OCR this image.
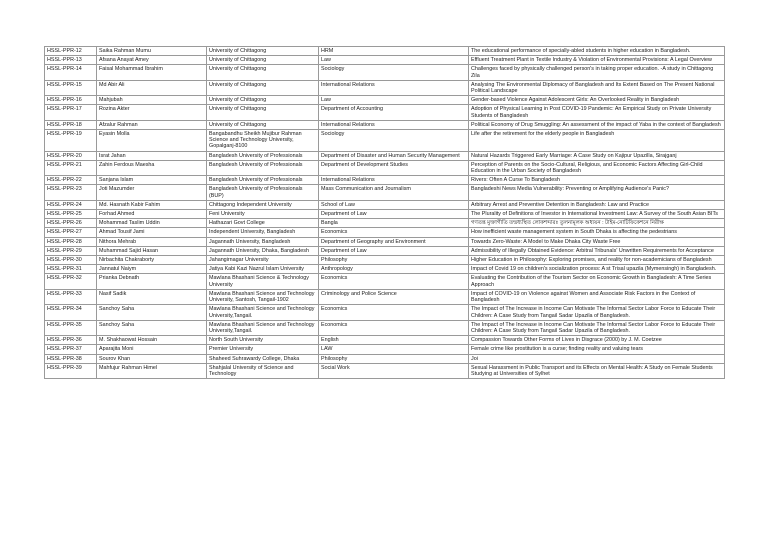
HSSL-PPR-12	Saika Rahman Mumu	University of Chittagong	HRM	The educational performance of specially-abled students in higher education in Bangladesh.
HSSL-PPR-13	Afsana Anayat Amey	University of Chittagong	Law	Effluent Treatment Plant in Textile Industry & Violation of Environmental Provisions: A Legal Overview
HSSL-PPR-14	Faisal Mohammad Ibrahim	University of Chittagong	Sociology	Challenges faced by physically challenged person's in taking proper education. -A study in Chittagong Zila
HSSL-PPR-15	Md Abir Ali	University of Chittagong	International Relations	Analysing The Environmental Diplomacy of Bangladesh and Its Extent Based on The Present National Political Landscape
HSSL-PPR-16	Mahjubah	University of Chittagong	Law	Gender-based Violence Against Adolescent Girls: An Overlooked Reality in Bangladesh
HSSL-PPR-17	Rozina Akter	University of Chittagong	Department of Accounting	Adoption of Physical Learning in Post COVID-19 Pandemic: An Empirical Study on Private University Students of Bangladesh
HSSL-PPR-18	Afzalur Rahman	University of Chittagong	International Relations	Political Economy of Drug Smuggling: An assessment of the impact of Yaba in the context of Bangladesh
HSSL-PPR-19	Eyasin Molla	Bangabandhu Sheikh Mujibur Rahman Science and Technology University, Gopalganj-8100	Sociology	Life after the retirement for the elderly people in Bangladesh
HSSL-PPR-20	Israt Jahan	Bangladesh University of Professionals	Department of Disaster and Human Security Management	Natural Hazards Triggered Early Marriage: A Case Study on Kajipur Upazilla, Sirajganj
HSSL-PPR-21	Zahin Ferdous Maesha	Bangladesh University of Professionals	Department of Development Studies	Perception of Parents on the Socio-Cultural, Religious, and Economic Factors Affecting Girl-Child Education in the Urban Society of Bangladesh
HSSL-PPR-22	Sanjana Islam	Bangladesh University of Professionals	International Relations	Rivers: Often A Curse To Bangladesh
HSSL-PPR-23	Joti Mazumder	Bangladesh University of Professionals (BUP)	Mass Communication and Journalism	Bangladeshi News Media Vulnerability: Preventing or Amplifying Audience's Panic?
HSSL-PPR-24	Md. Hasnath Kabir Fahim	Chittagong Independent University	School of Law	Arbitrary Arrest and Preventive Detention in Bangladesh: Law and Practice
HSSL-PPR-25	Forhad Ahmed	Feni University	Department of Law	The Plurality of Definitions of Investor in International Investment Law: A Survey of the South Asian BITs
HSSL-PPR-26	Mohammad Taslim Uddin	Hathazari Govt College	Bangla	গণতন্ত্র মুক্তাগীতি তন্মধ্যস্থিত লোকশব্দারঃ তুলনামূলক অধ্যয়ন : টাইম-নোটিফিকেশনে নিরীক্ষ
HSSL-PPR-27	Ahmad Tousif Jami	Independent University, Bangladesh	Economics	How inefficient waste management system in South Dhaka is affecting the pedestrians
HSSL-PPR-28	Nithora Mehrab	Jagannath University, Bangladesh	Department of Geography and Environment	Towards Zero-Waste: A Model to Make Dhaka City Waste Free
HSSL-PPR-29	Muhammad Sajid Hasan	Jagannath University, Dhaka, Bangladesh	Department of Law	Admissibility of Illegally Obtained Evidence: Arbitral Tribunals' Unwritten Requirements for Acceptance
HSSL-PPR-30	Nirbachita Chakraborty	Jahangirnagar University	Philosophy	Higher Education in Philosophy: Exploring promises, and reality for non-academicians of Bangladesh
HSSL-PPR-31	Jannatul Naiym	Jatiya Kabi Kazi Nazrul Islam University	Anthropology	Impact of Covid 19 on children's socialization process: A st Trisal upazila (Mymensingh) in Bangladesh.
HSSL-PPR-32	Prianka Debnath	Mawlana Bhashani Science & Technology University	Economics	Evaluating the Contribution of the Tourism Sector on Economic Growth in Bangladesh: A Time Series Approach
HSSL-PPR-33	Nasif Sadik	Mawlana Bhashani Science and Technology University, Santosh, Tangail-1902	Criminology and Police Science	Impact of COVID-19 on Violence against Women and Associate Risk Factors in the Context of Bangladesh
HSSL-PPR-34	Sanchoy Saha	Mawlana Bhashani Science and Technology University,Tangail.	Economics	The Impact of The Increase in Income Can Motivate The Informal Sector Labor Force to Educate Their Children: A Case Study from Tangail Sadar Upazila of Bangladesh.
HSSL-PPR-35	Sanchoy Saha	Mawlana Bhashani Science and Technology University,Tangail.	Economics	The Impact of The Increase in Income Can Motivate The Informal Sector Labor Force to Educate Their Children: A Case Study from Tangail Sadar Upazila of Bangladesh.
HSSL-PPR-36	M. Shakhaowat Hossain	North South University	English	Compassion Towards Other Forms of Lives in Disgrace (2000) by J. M. Coetzee
HSSL-PPR-37	Aparajita Moni	Premier University	LAW	Female crime like prostitution is a curse; finding reality and valuing tears
HSSL-PPR-38	Sourov Khan	Shaheed Suhrawardy College, Dhaka	Philosophy	Joi
HSSL-PPR-39	Mahfujur Rahman Himel	Shahjalal University of Science and Technology	Social Work	Sexual Harassment in Public Transport and its Effects on Mental Health: A Study on Female Students Studying at Universities of Sylhet
